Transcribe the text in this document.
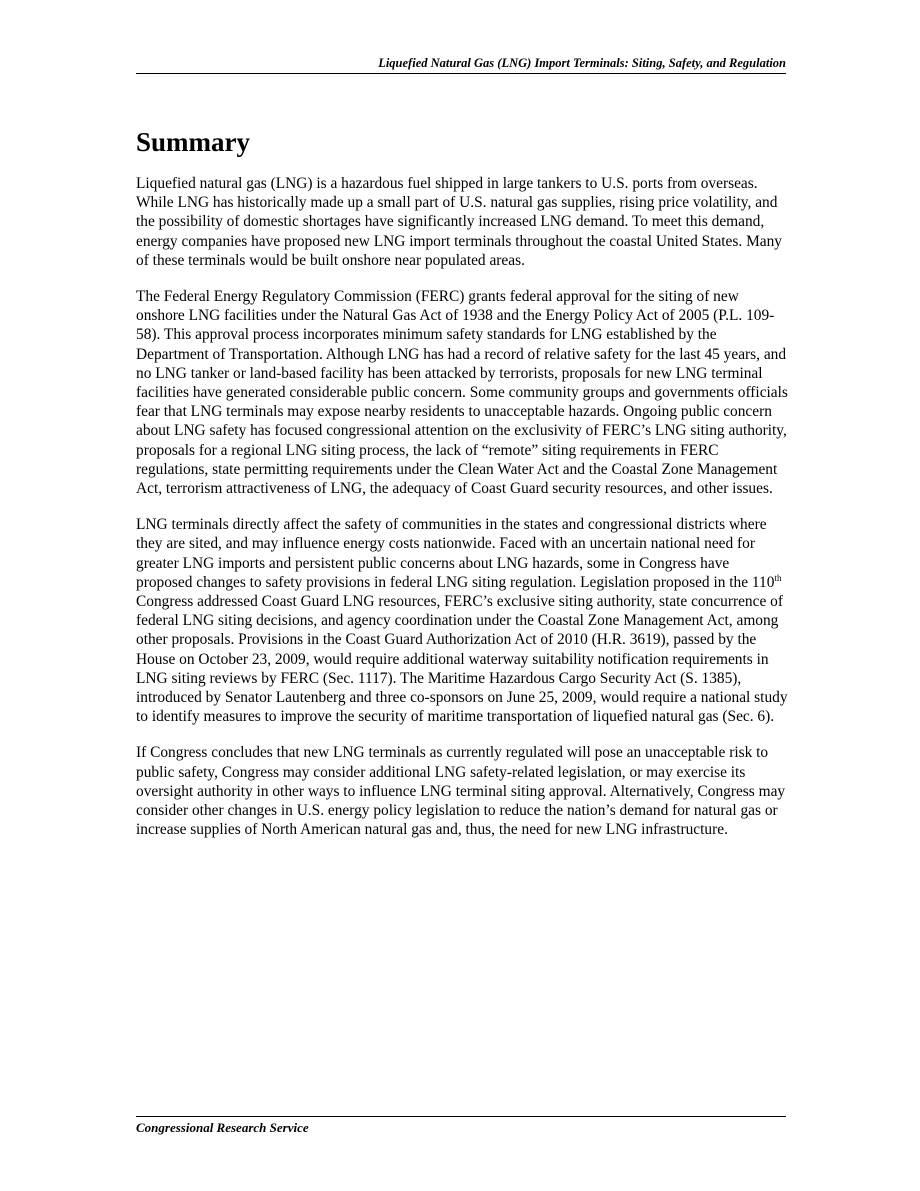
Liquefied Natural Gas (LNG) Import Terminals: Siting, Safety, and Regulation
Summary

Liquefied natural gas (LNG) is a hazardous fuel shipped in large tankers to U.S. ports from overseas. While LNG has historically made up a small part of U.S. natural gas supplies, rising price volatility, and the possibility of domestic shortages have significantly increased LNG demand. To meet this demand, energy companies have proposed new LNG import terminals throughout the coastal United States. Many of these terminals would be built onshore near populated areas.

The Federal Energy Regulatory Commission (FERC) grants federal approval for the siting of new onshore LNG facilities under the Natural Gas Act of 1938 and the Energy Policy Act of 2005 (P.L. 109-58). This approval process incorporates minimum safety standards for LNG established by the Department of Transportation. Although LNG has had a record of relative safety for the last 45 years, and no LNG tanker or land-based facility has been attacked by terrorists, proposals for new LNG terminal facilities have generated considerable public concern. Some community groups and governments officials fear that LNG terminals may expose nearby residents to unacceptable hazards. Ongoing public concern about LNG safety has focused congressional attention on the exclusivity of FERC’s LNG siting authority, proposals for a regional LNG siting process, the lack of “remote” siting requirements in FERC regulations, state permitting requirements under the Clean Water Act and the Coastal Zone Management Act, terrorism attractiveness of LNG, the adequacy of Coast Guard security resources, and other issues.

LNG terminals directly affect the safety of communities in the states and congressional districts where they are sited, and may influence energy costs nationwide. Faced with an uncertain national need for greater LNG imports and persistent public concerns about LNG hazards, some in Congress have proposed changes to safety provisions in federal LNG siting regulation. Legislation proposed in the 110th Congress addressed Coast Guard LNG resources, FERC’s exclusive siting authority, state concurrence of federal LNG siting decisions, and agency coordination under the Coastal Zone Management Act, among other proposals. Provisions in the Coast Guard Authorization Act of 2010 (H.R. 3619), passed by the House on October 23, 2009, would require additional waterway suitability notification requirements in LNG siting reviews by FERC (Sec. 1117). The Maritime Hazardous Cargo Security Act (S. 1385), introduced by Senator Lautenberg and three co-sponsors on June 25, 2009, would require a national study to identify measures to improve the security of maritime transportation of liquefied natural gas (Sec. 6).

If Congress concludes that new LNG terminals as currently regulated will pose an unacceptable risk to public safety, Congress may consider additional LNG safety-related legislation, or may exercise its oversight authority in other ways to influence LNG terminal siting approval. Alternatively, Congress may consider other changes in U.S. energy policy legislation to reduce the nation’s demand for natural gas or increase supplies of North American natural gas and, thus, the need for new LNG infrastructure.

Congressional Research Service
